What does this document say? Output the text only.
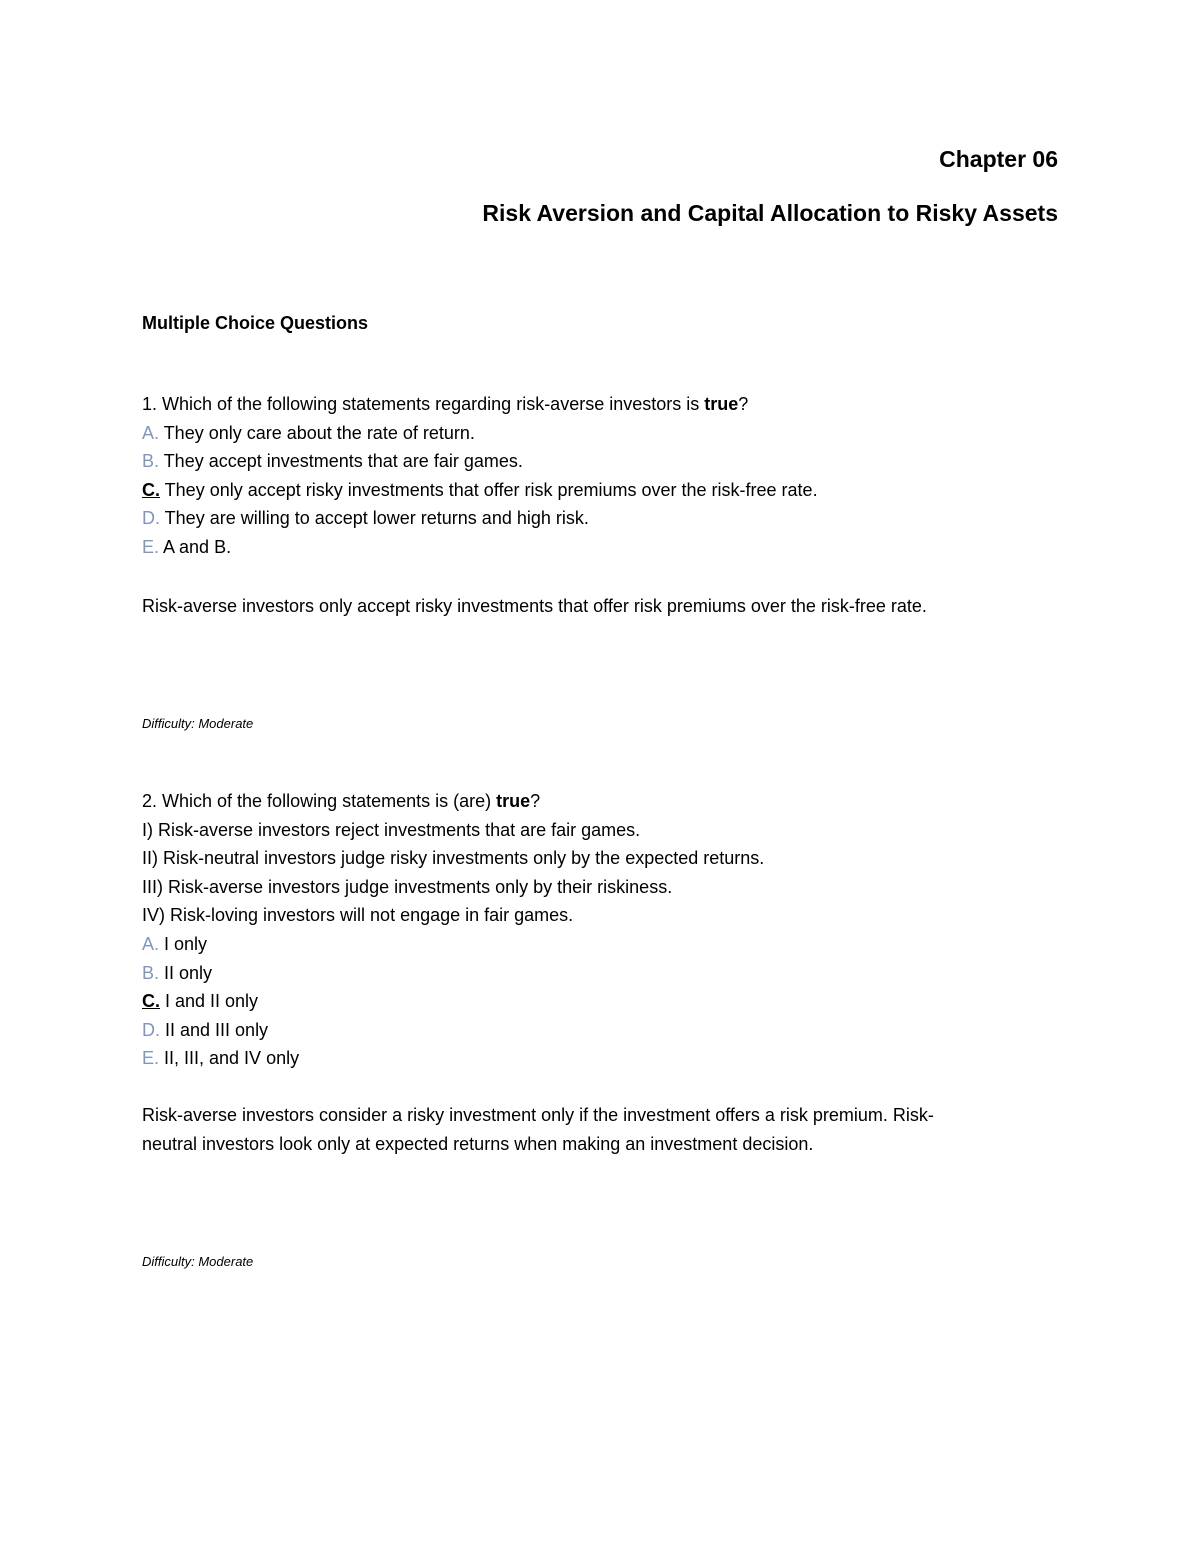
Chapter 06
Risk Aversion and Capital Allocation to Risky Assets
Multiple Choice Questions
1. Which of the following statements regarding risk-averse investors is true?
A. They only care about the rate of return.
B. They accept investments that are fair games.
C. They only accept risky investments that offer risk premiums over the risk-free rate.
D. They are willing to accept lower returns and high risk.
E. A and B.
Risk-averse investors only accept risky investments that offer risk premiums over the risk-free rate.
Difficulty: Moderate
2. Which of the following statements is (are) true?
I) Risk-averse investors reject investments that are fair games.
II) Risk-neutral investors judge risky investments only by the expected returns.
III) Risk-averse investors judge investments only by their riskiness.
IV) Risk-loving investors will not engage in fair games.
A. I only
B. II only
C. I and II only
D. II and III only
E. II, III, and IV only
Risk-averse investors consider a risky investment only if the investment offers a risk premium. Risk-
neutral investors look only at expected returns when making an investment decision.
Difficulty: Moderate
